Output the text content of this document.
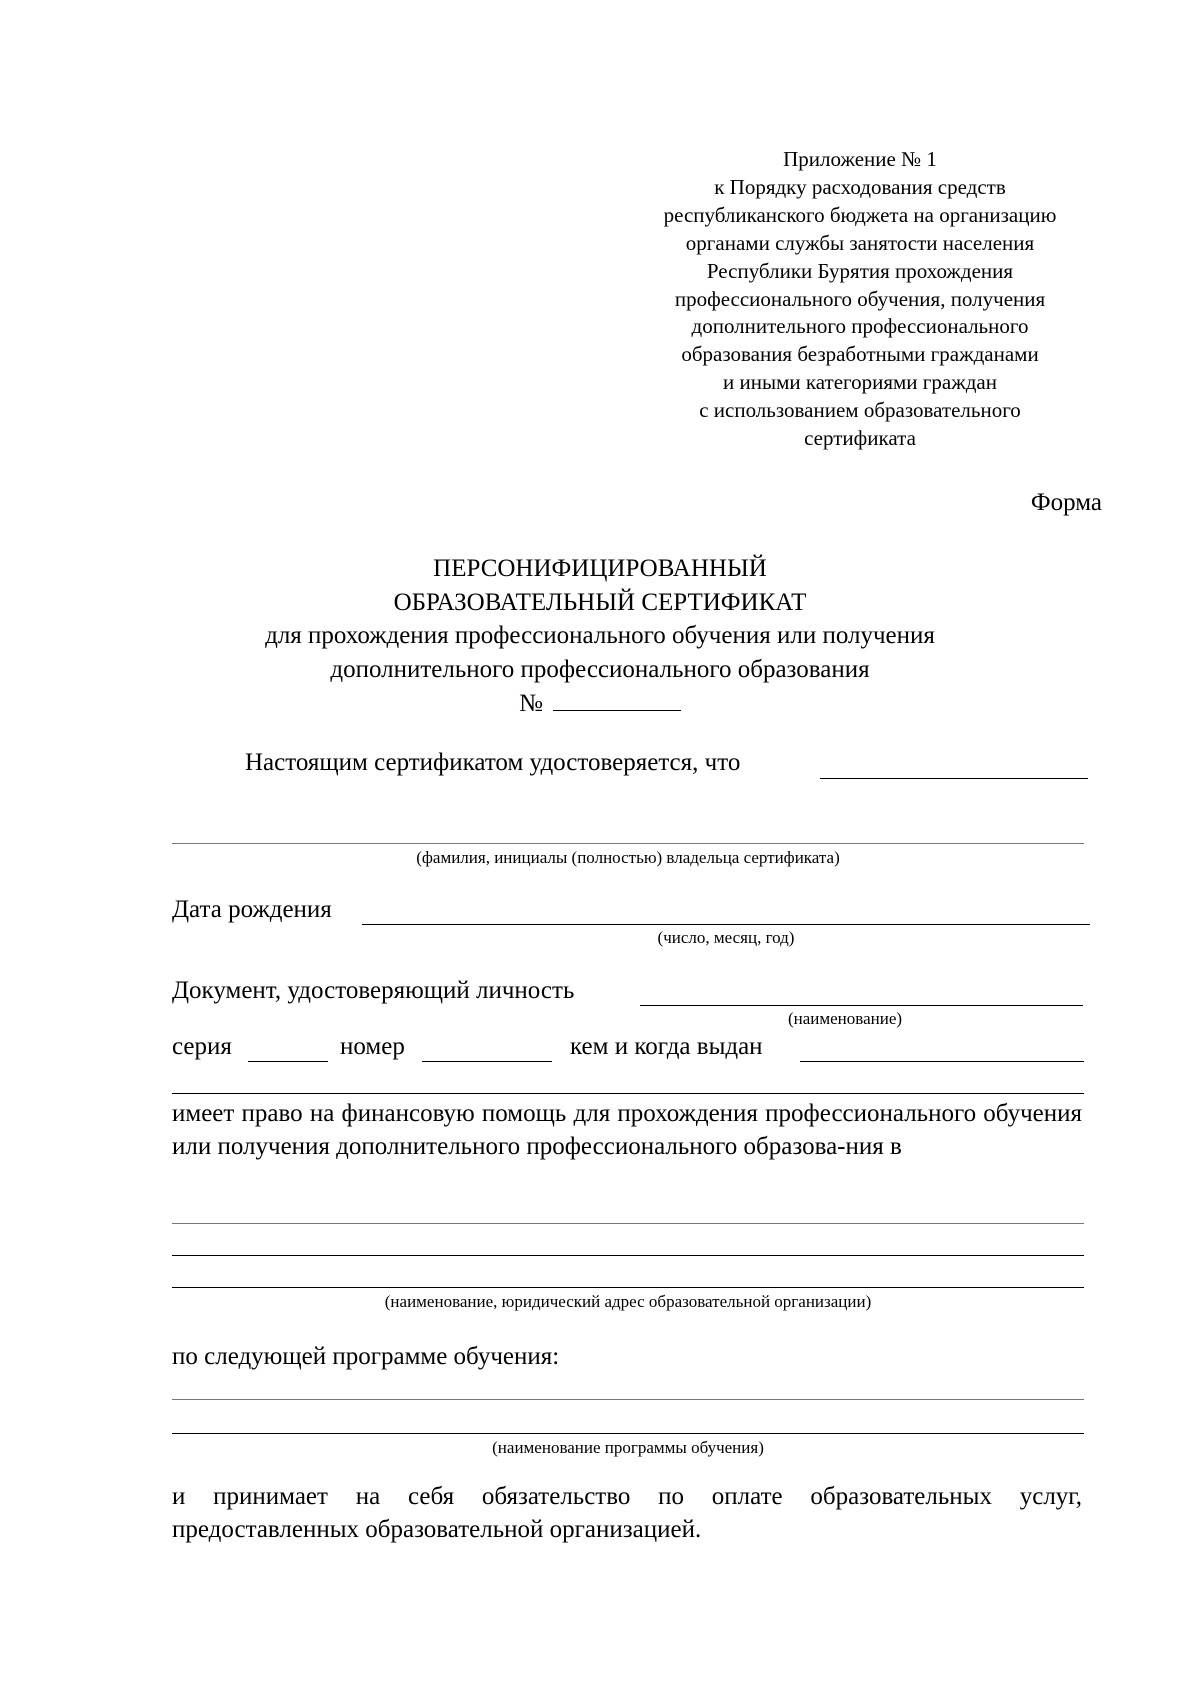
Приложение № 1
к Порядку расходования средств
республиканского бюджета на организацию
органами службы занятости населения
Республики Бурятия прохождения
профессионального обучения, получения
дополнительного профессионального
образования безработными гражданами
и иными категориями граждан
с использованием образовательного
сертификата
Форма
ПЕРСОНИФИЦИРОВАННЫЙ
ОБРАЗОВАТЕЛЬНЫЙ СЕРТИФИКАТ
для прохождения профессионального обучения или получения
дополнительного профессионального образования
№
Настоящим сертификатом удостоверяется, что
(фамилия, инициалы (полностью) владельца сертификата)
Дата рождения
(число, месяц, год)
Документ, удостоверяющий личность
(наименование)
серия	номер	кем и когда выдан
имеет право на финансовую помощь для прохождения профессионального обучения или получения дополнительного профессионального образова-ния в
(наименование, юридический адрес образовательной организации)
по следующей программе обучения:
(наименование программы обучения)
и принимает на себя обязательство по оплате образовательных услуг, предоставленных образовательной организацией.
